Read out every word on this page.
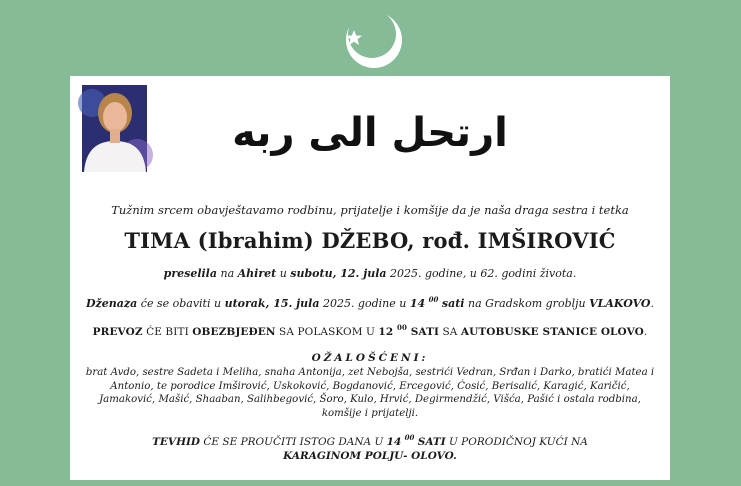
ارتحل الى ربه
Tužnim srcem obavještavamo rodbinu, prijatelje i komšije da je naša draga sestra i tetka
TIMA (Ibrahim) DŽEBO, rođ. IMŠIROVIĆ
preselila na Ahiret u subotu, 12. jula 2025. godine, u 62. godini života.
Dženaza će se obaviti u utorak, 15. jula 2025. godine u 14 $^{00}$ sati na Gradskom groblju VLAKOVO.
PREVOZ ĆE BITI OBEZBJEĐEN SA POLASKOM U 12 $^{00}$ SATI SA AUTOBUSKE STANICE OLOVO.
OŽALOŠĆENI:
brat Avdo, sestre Sadeta i Meliha, snaha Antonija, zet Nebojša, sestrići Vedran, Srđan i Darko, bratići Matea i Antonio, te porodice Imširović, Uskoković, Bogdanović, Ercegović, Ćosić, Berisalić, Karagić, Karičić, Jamaković, Mašić, Shaaban, Salihbegović, Šoro, Kulo, Hrvić, Degirmendžić, Višća, Pašić i ostala rodbina, komšije i prijatelji.
TEVHID ĆE SE PROUČITI ISTOG DANA U 14 $^{00}$ SATI U PORODIČNOJ KUĆI NA
KARAGINOM POLJU- OLOVO.
